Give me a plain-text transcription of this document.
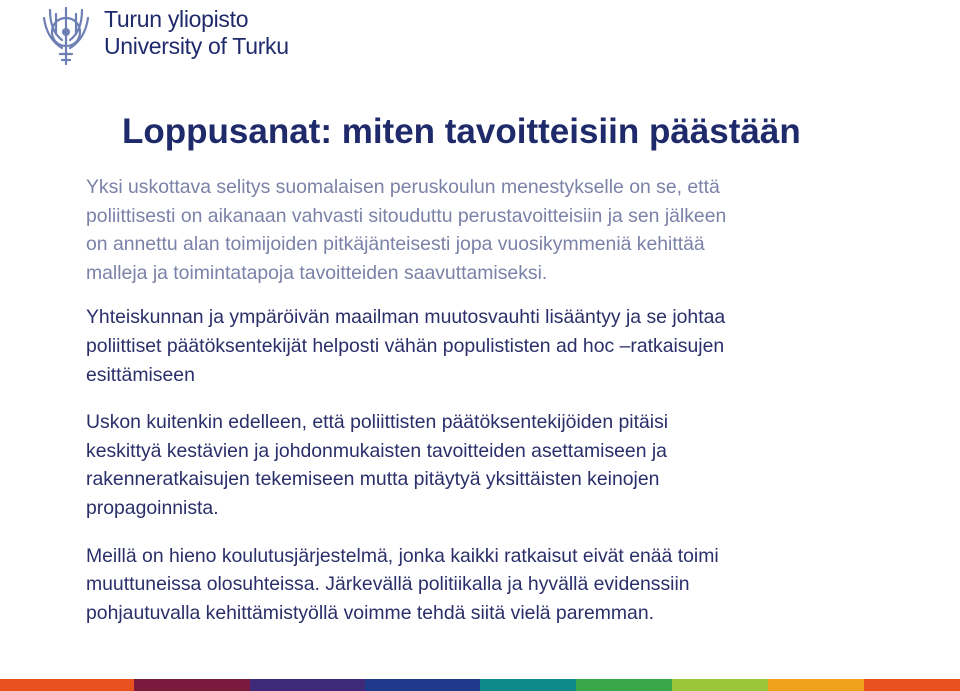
Turun yliopisto
University of Turku
Loppusanat: miten tavoitteisiin päästään
Yksi uskottava selitys suomalaisen peruskoulun menestykselle on se, että
poliittisesti on aikanaan vahvasti sitouduttu perustavoitteisiin ja sen jälkeen
on annettu alan toimijoiden pitkäjänteisesti jopa vuosikymmeniä kehittää
malleja ja toimintatapoja tavoitteiden saavuttamiseksi.
Yhteiskunnan ja ympäröivän maailman muutosvauhti lisääntyy ja se johtaa
poliittiset päätöksentekijät helposti vähän populististen ad hoc –ratkaisujen
esittämiseen
Uskon kuitenkin edelleen, että poliittisten päätöksentekijöiden pitäisi
keskittyä kestävien ja johdonmukaisten tavoitteiden asettamiseen ja
rakenneratkaisujen tekemiseen mutta pitäytyä yksittäisten keinojen
propagoinnista.
Meillä on hieno koulutusjärjestelmä, jonka kaikki ratkaisut eivät enää toimi
muuttuneissa olosuhteissa. Järkevällä politiikalla ja hyvällä evidenssiin
pohjautuvalla kehittämistyöllä voimme tehdä siitä vielä paremman.
